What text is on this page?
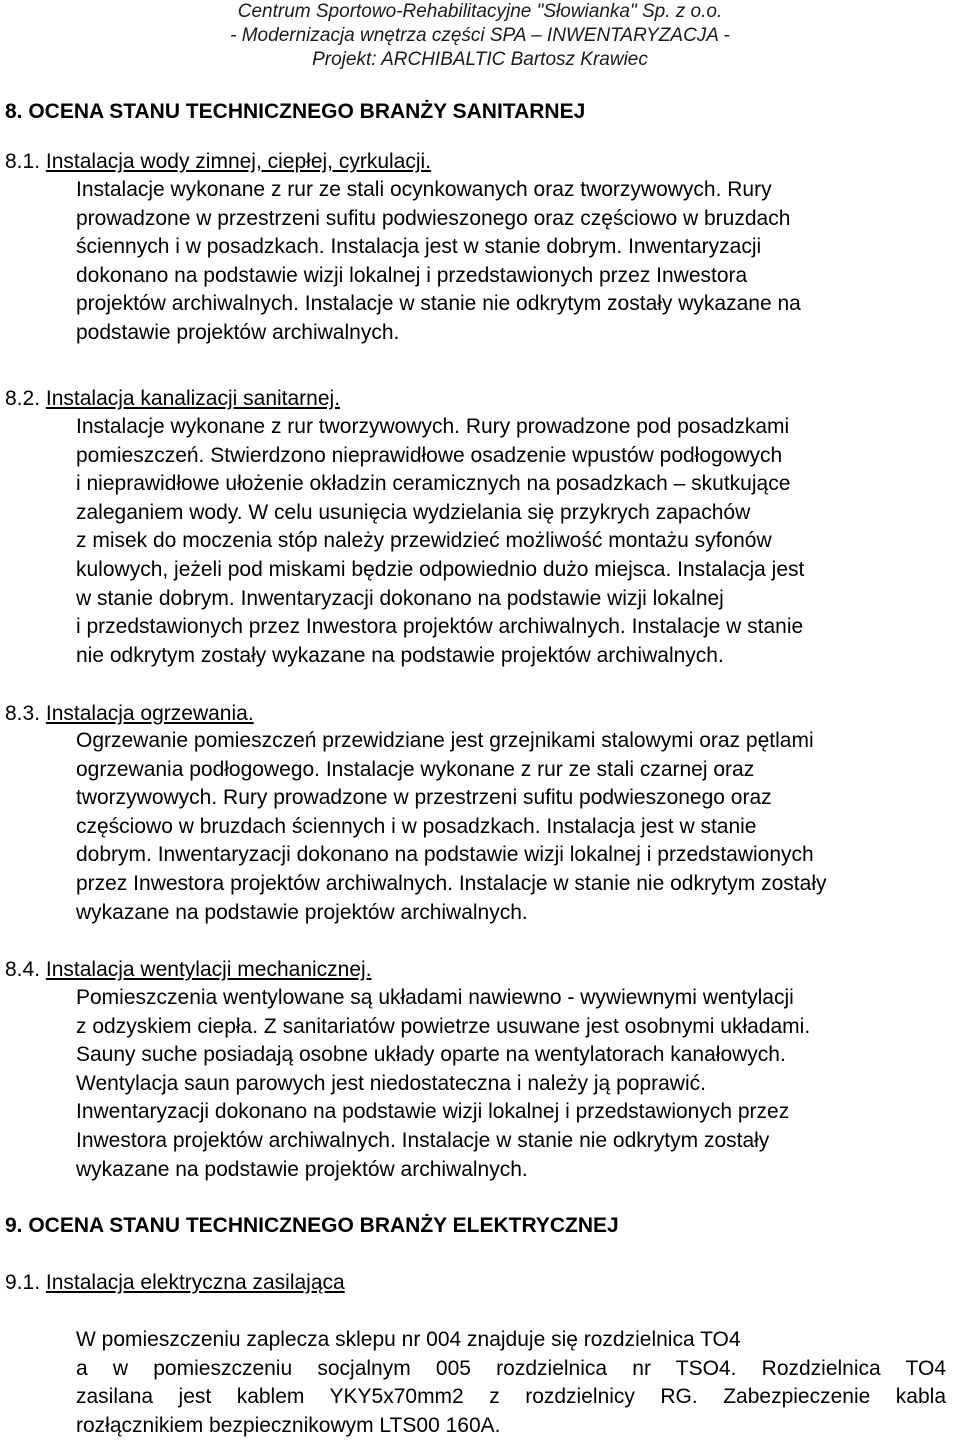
Centrum Sportowo-Rehabilitacyjne "Słowianka" Sp. z o.o.
- Modernizacja wnętrza części SPA – INWENTARYZACJA -
Projekt: ARCHIBALTIC Bartosz Krawiec
8. OCENA STANU TECHNICZNEGO BRANŻY SANITARNEJ
8.1. Instalacja wody zimnej, ciepłej, cyrkulacji.
Instalacje wykonane z rur ze stali ocynkowanych oraz tworzywowych. Rury
prowadzone w przestrzeni sufitu podwieszonego oraz częściowo w bruzdach
ściennych i w posadzkach. Instalacja jest w stanie dobrym. Inwentaryzacji
dokonano na podstawie wizji lokalnej i przedstawionych przez Inwestora
projektów archiwalnych. Instalacje w stanie nie odkrytym zostały wykazane na
podstawie projektów archiwalnych.
8.2. Instalacja kanalizacji sanitarnej.
Instalacje wykonane z rur tworzywowych. Rury prowadzone pod posadzkami
pomieszczeń. Stwierdzono nieprawidłowe osadzenie wpustów podłogowych
i nieprawidłowe ułożenie okładzin ceramicznych na posadzkach – skutkujące
zaleganiem wody. W celu usunięcia wydzielania się przykrych zapachów
z misek do moczenia stóp należy przewidzieć możliwość montażu syfonów
kulowych, jeżeli pod miskami będzie odpowiednio dużo miejsca. Instalacja jest
w stanie dobrym. Inwentaryzacji dokonano na podstawie wizji lokalnej
i przedstawionych przez Inwestora projektów archiwalnych. Instalacje w stanie
nie odkrytym zostały wykazane na podstawie projektów archiwalnych.
8.3. Instalacja ogrzewania.
Ogrzewanie pomieszczeń przewidziane jest grzejnikami stalowymi oraz pętlami
ogrzewania podłogowego. Instalacje wykonane z rur ze stali czarnej oraz
tworzywowych. Rury prowadzone w przestrzeni sufitu podwieszonego oraz
częściowo w bruzdach ściennych i w posadzkach. Instalacja jest w stanie
dobrym. Inwentaryzacji dokonano na podstawie wizji lokalnej i przedstawionych
przez Inwestora projektów archiwalnych. Instalacje w stanie nie odkrytym zostały
wykazane na podstawie projektów archiwalnych.
8.4. Instalacja wentylacji mechanicznej.
Pomieszczenia wentylowane są układami nawiewno - wywiewnymi wentylacji
z odzyskiem ciepła. Z sanitariatów powietrze usuwane jest osobnymi układami.
Sauny suche posiadają osobne układy oparte na wentylatorach kanałowych.
Wentylacja saun parowych jest niedostateczna i należy ją poprawić.
Inwentaryzacji dokonano na podstawie wizji lokalnej i przedstawionych przez
Inwestora projektów archiwalnych. Instalacje w stanie nie odkrytym zostały
wykazane na podstawie projektów archiwalnych.
9. OCENA STANU TECHNICZNEGO BRANŻY ELEKTRYCZNEJ
9.1. Instalacja elektryczna zasilająca
W pomieszczeniu zaplecza sklepu nr 004 znajduje się rozdzielnica TO4
a w pomieszczeniu socjalnym 005 rozdzielnica nr TSO4. Rozdzielnica TO4
zasilana jest kablem YKY5x70mm2 z rozdzielnicy RG. Zabezpieczenie kabla
rozłącznikiem bezpiecznikowym LTS00 160A.
